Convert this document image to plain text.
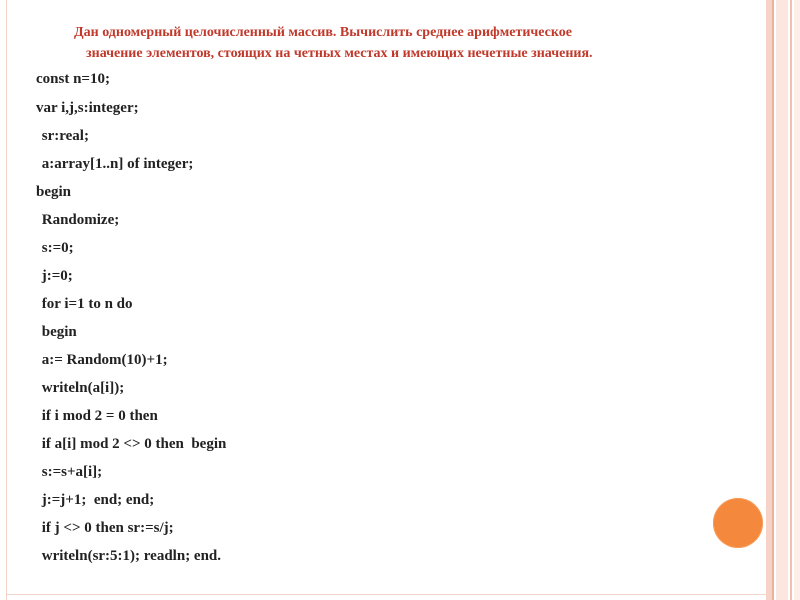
Дан одномерный целочисленный массив. Вычислить среднее арифметическое
значение элементов, стоящих на четных местах и имеющих нечетные значения.
const n=10;
var i,j,s:integer;
sr:real;
a:array[1..n] of integer;
begin
Randomize;
s:=0;
j:=0;
for i=1 to n do
begin
a:= Random(10)+1;
writeln(a[i]);
if i mod 2 = 0 then
if a[i] mod 2 <> 0 then  begin
s:=s+a[i];
j:=j+1;  end; end;
if j <> 0 then sr:=s/j;
writeln(sr:5:1); readln; end.
